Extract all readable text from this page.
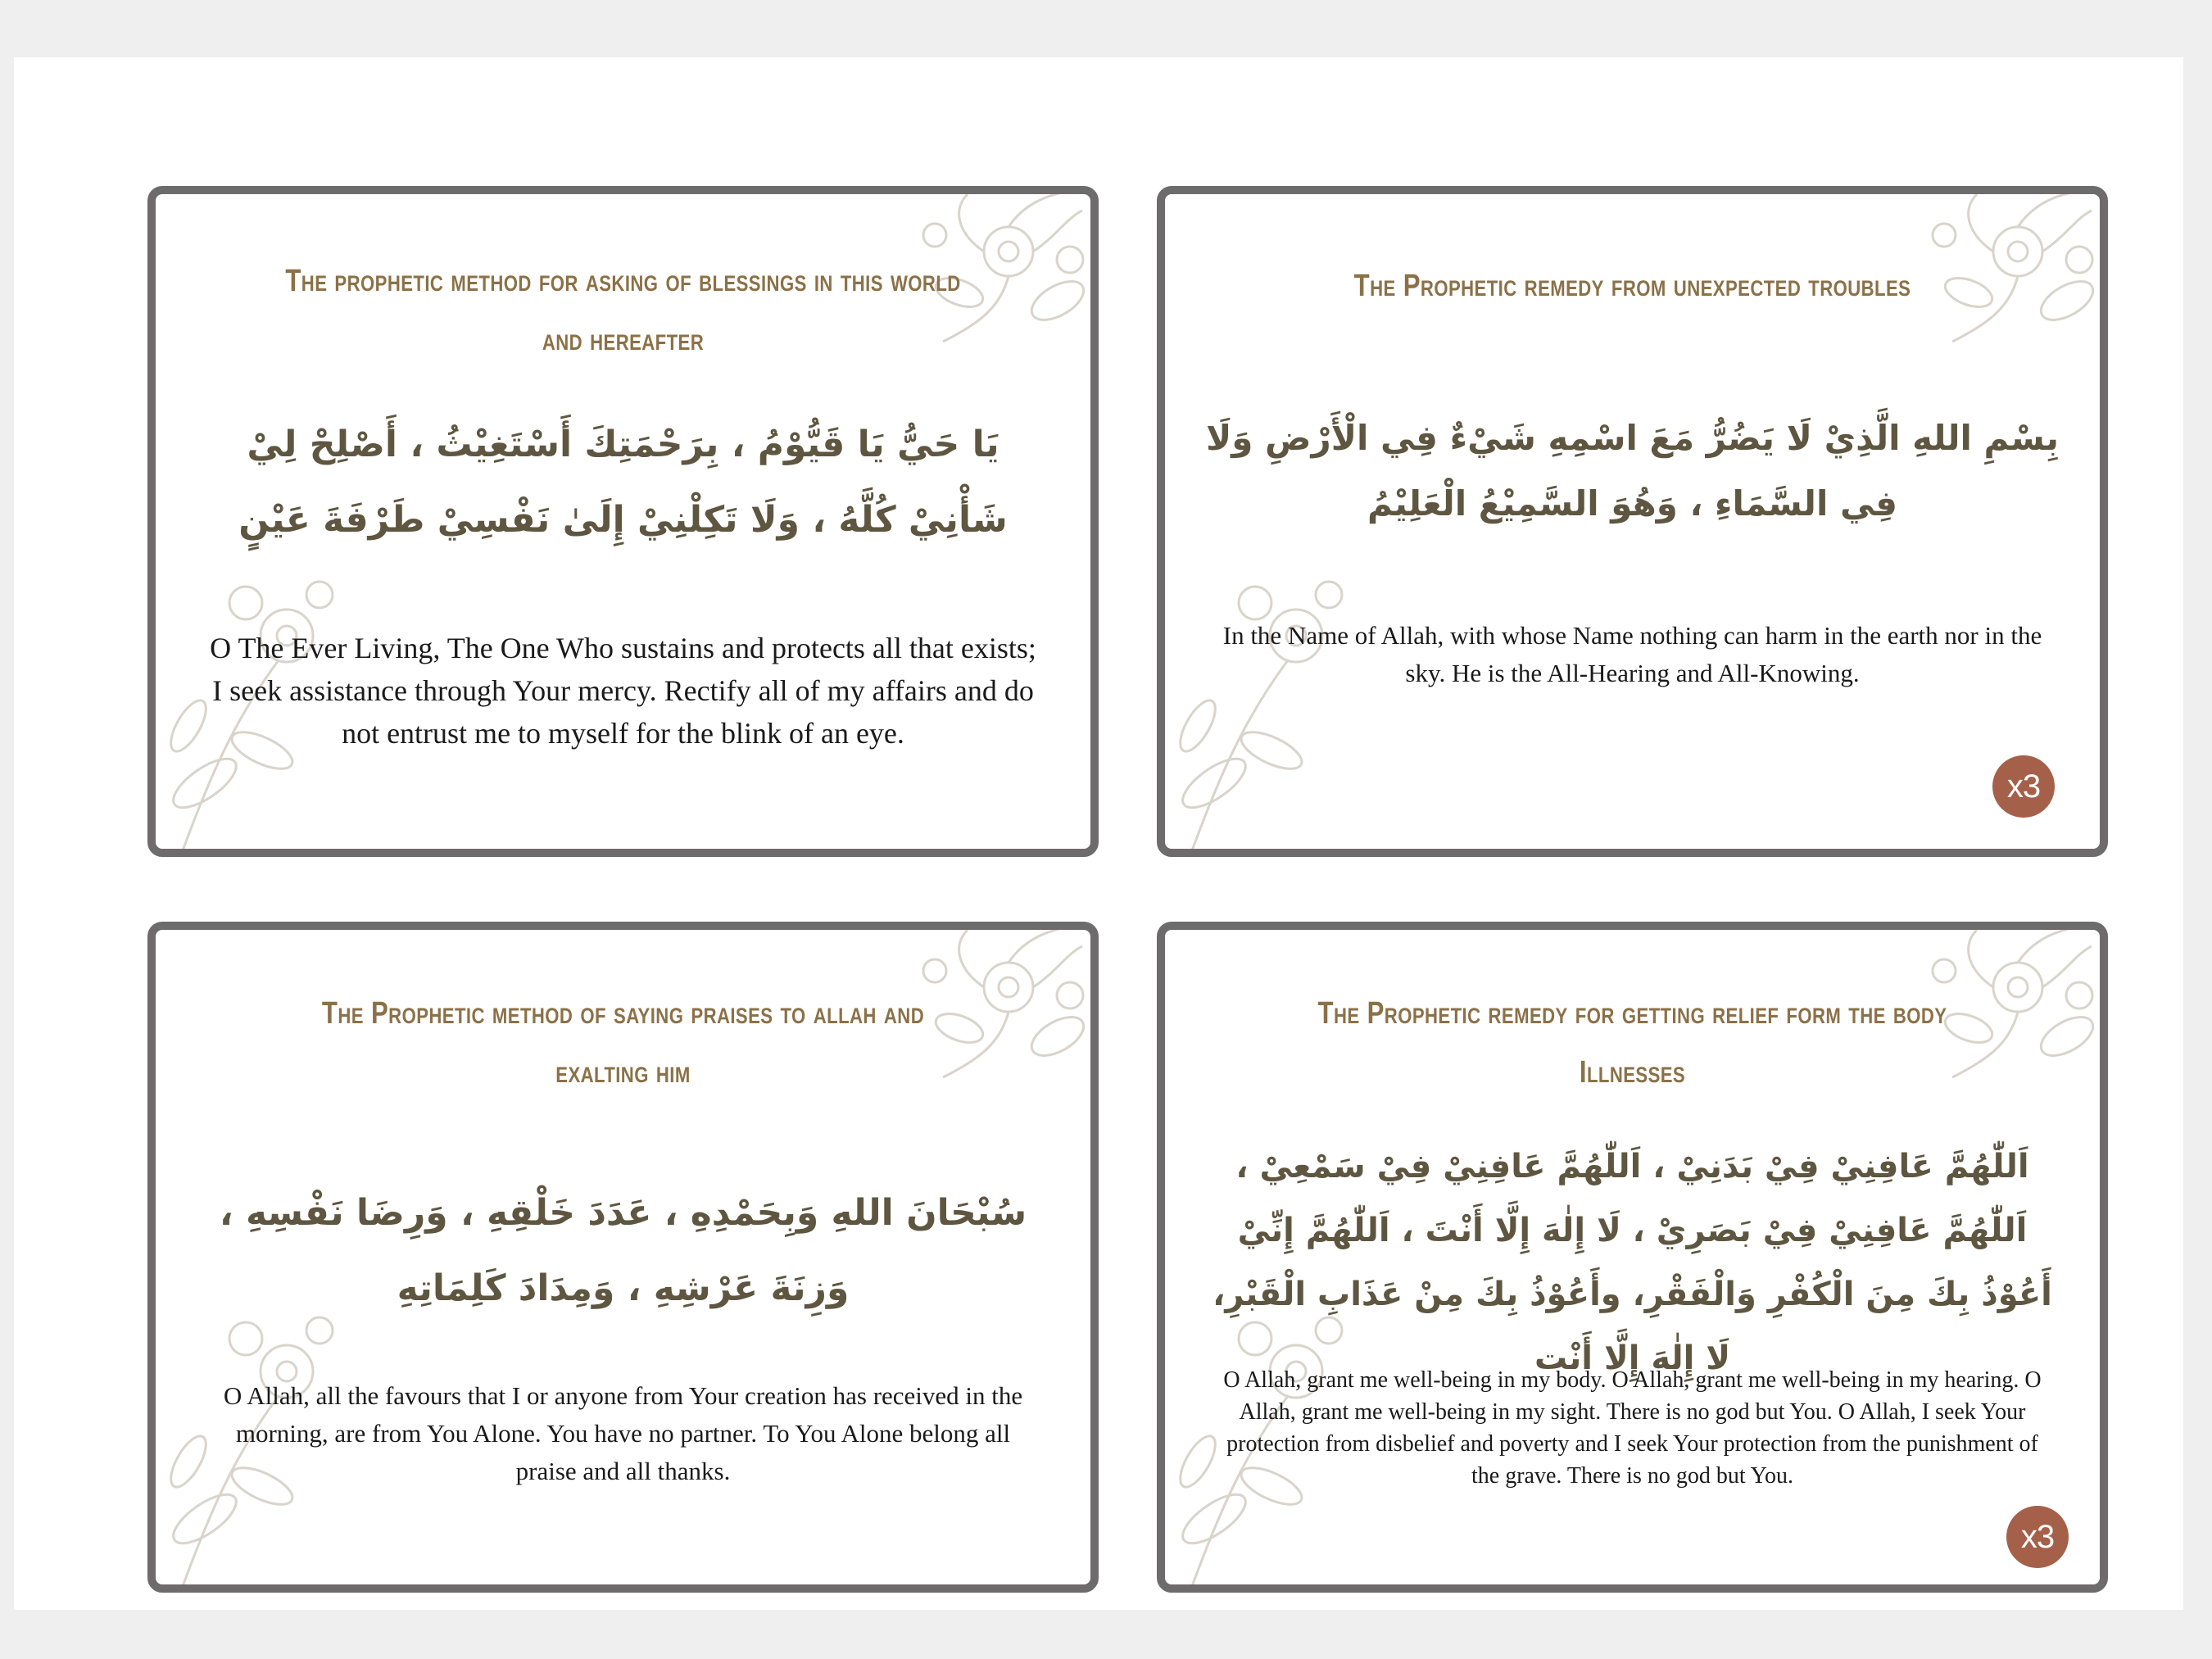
The prophetic method for asking of blessings in this world and hereafter
يَا حَيُّ يَا قَيُّوْمُ ، بِرَحْمَتِكَ أَسْتَغِيْثُ ، أَصْلِحْ لِيْ شَأْنِيْ كُلَّهُ ، وَلَا تَكِلْنِيْ إِلَىٰ نَفْسِيْ طَرْفَةَ عَيْنٍ
O The Ever Living, The One Who sustains and protects all that exists; I seek assistance through Your mercy. Rectify all of my affairs and do not entrust me to myself for the blink of an eye.
The Prophetic remedy from unexpected troubles
بِسْمِ اللهِ الَّذِيْ لَا يَضُرُّ مَعَ اسْمِهِ شَيْءٌ فِي الْأَرْضِ وَلَا فِي السَّمَاءِ ، وَهُوَ السَّمِيْعُ الْعَلِيْمُ
In the Name of Allah, with whose Name nothing can harm in the earth nor in the sky. He is the All-Hearing and All-Knowing.
x3
The Prophetic method of saying praises to allah and exalting him
سُبْحَانَ اللهِ وَبِحَمْدِهِ ، عَدَدَ خَلْقِهِ ، وَرِضَا نَفْسِهِ ، وَزِنَةَ عَرْشِهِ ، وَمِدَادَ كَلِمَاتِهِ
O Allah, all the favours that I or anyone from Your creation has received in the morning, are from You Alone. You have no partner. To You Alone belong all praise and all thanks.
The Prophetic remedy for getting relief form the body Illnesses
اَللّٰهُمَّ عَافِنِيْ فِيْ بَدَنِيْ ، اَللّٰهُمَّ عَافِنِيْ فِيْ سَمْعِيْ ، اَللّٰهُمَّ عَافِنِيْ فِيْ بَصَرِيْ ، لَا إِلٰهَ إِلَّا أَنْتَ ، اَللّٰهُمَّ إِنِّيْ أَعُوْذُ بِكَ مِنَ الْكُفْرِ وَالْفَقْرِ، وأَعُوْذُ بِكَ مِنْ عَذَابِ الْقَبْرِ، لَا إِلٰهَ إِلَّا أَنْت
O Allah, grant me well-being in my body. O Allah, grant me well-being in my hearing. O Allah, grant me well-being in my sight. There is no god but You. O Allah, I seek Your protection from disbelief and poverty and I seek Your protection from the punishment of the grave. There is no god but You.
x3
